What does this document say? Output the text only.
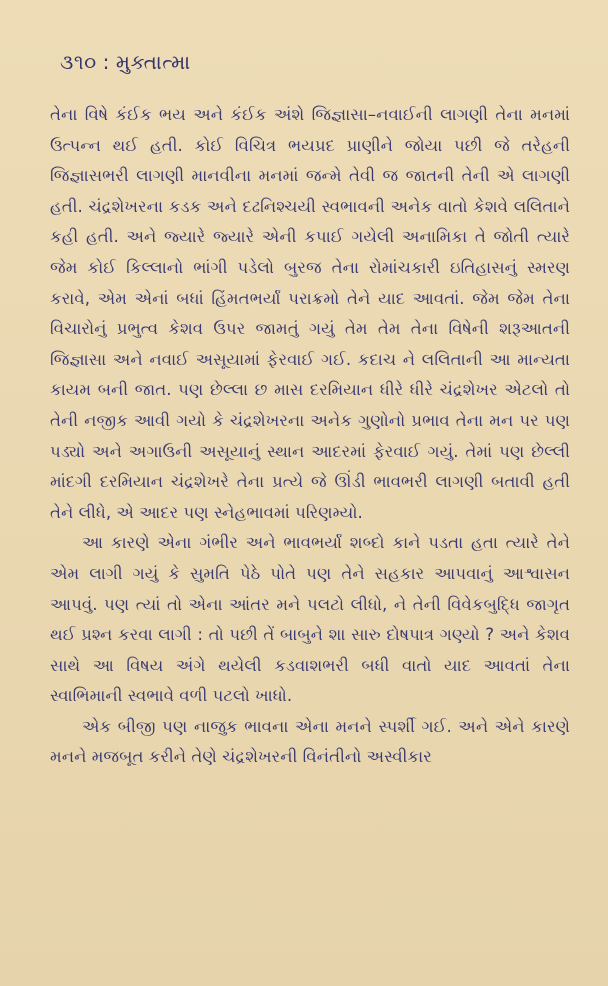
૩૧૦ : મુક્તાત્મા

તેના વિષે કંઈક ભય અને કંઈક અંશે જિજ્ઞાસા–નવાઈની લાગણી તેના મનમાં ઉત્પન્ન થઈ હતી. કોઈ વિચિત્ર ભયપ્રદ પ્રાણીને જોયા પછી જે તરેહની જિજ્ઞાસભરી લાગણી માનવીના મનમાં જન્મે તેવી જ જાતની તેની એ લાગણી હતી. ચંદ્રશેખરના કડક અને દઢનિશ્ચયી સ્વભાવની અનેક વાતો કેશવે લલિતાને કહી હતી. અને જ્યારે જ્યારે એની કપાઈ ગયેલી અનામિકા તે જોતી ત્યારે જેમ કોઈ કિલ્લાનો ભાંગી પડેલો બુરજ તેના રોમાંચકારી ઇતિહાસનું સ્મરણ કરાવે, એમ એનાં બધાં હિંમતભર્યાં પરાક્રમો તેને યાદ આવતાં. જેમ જેમ તેના વિચારોનું પ્રભુત્વ કેશવ ઉપર જામતું ગયું તેમ તેમ તેના વિષેની શરૂઆતની જિજ્ઞાસા અને નવાઈ અસૂયામાં ફેરવાઈ ગઈ. કદાચ ને લલિતાની આ માન્યતા કાયમ બની જાત. પણ છેલ્લા છ માસ દરમિયાન ધીરે ધીરે ચંદ્રશેખર એટલો તો તેની નજીક આવી ગયો કે ચંદ્રશેખરના અનેક ગુણોનો પ્રભાવ તેના મન પર પણ પડ્યો અને અગાઉની અસૂયાનું સ્થાન આદરમાં ફેરવાઈ ગયું. તેમાં પણ છેલ્લી માંદગી દરમિયાન ચંદ્રશેખરે તેના પ્રત્યે જે ઊંડી ભાવભરી લાગણી બતાવી હતી તેને લીધે, એ આદર પણ સ્નેહભાવમાં પરિણમ્યો.

આ કારણે એના ગંભીર અને ભાવભર્યાં શબ્દો કાને પડતા હતા ત્યારે તેને એમ લાગી ગયું કે સુમતિ પેઠે પોતે પણ તેને સહકાર આપવાનું આશ્વાસન આપવું. પણ ત્યાં તો એના આંતર મને પલટો લીધો, ને તેની વિવેકબુદ્ધિ જાગૃત થઈ પ્રશ્ન કરવા લાગી : તો પછી તેં બાબુને શા સારુ દોષપાત્ર ગણ્યો ? અને કેશવ સાથે આ વિષય અંગે થયેલી કડવાશભરી બધી વાતો યાદ આવતાં તેના સ્વાભિમાની સ્વભાવે વળી પટલો ખાધો.

એક બીજી પણ નાજુક ભાવના એના મનને સ્પર્શી ગઈ. અને એને કારણે મનને મજબૂત કરીને તેણે ચંદ્રશેખરની વિનંતીનો અસ્વીકાર
